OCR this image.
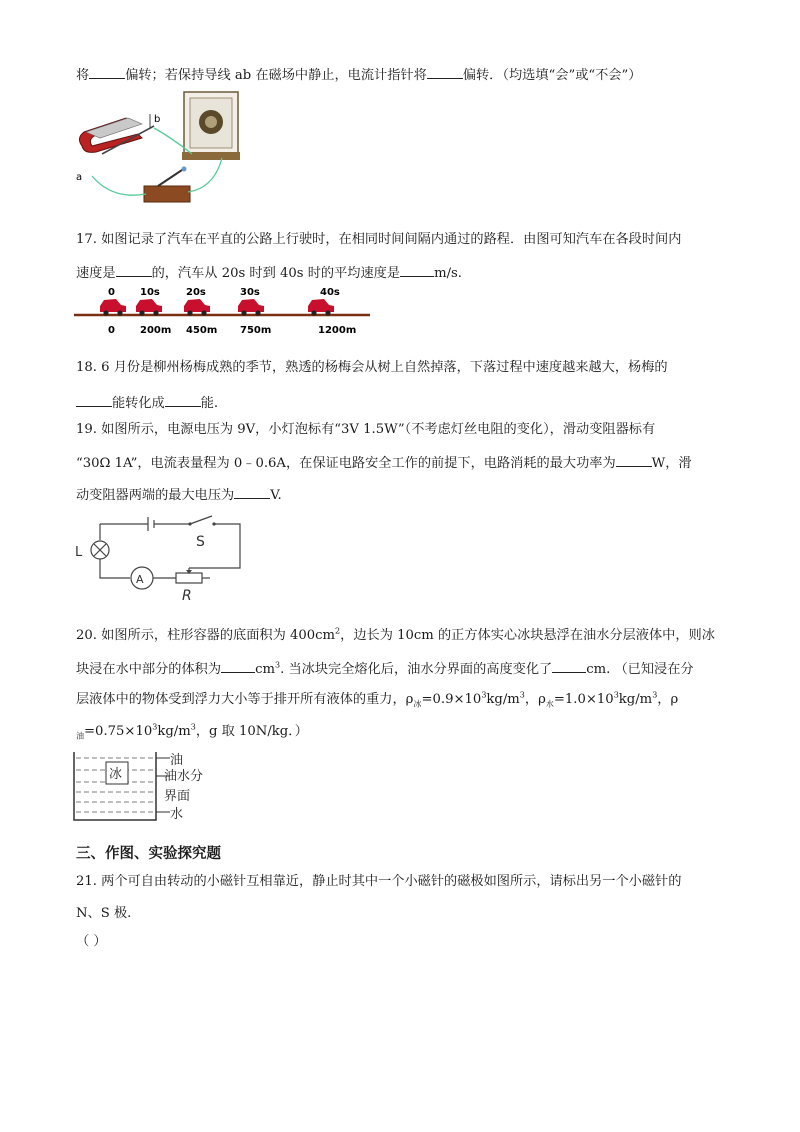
将	偏转；若保持导线 ab 在磁场中静止，电流计指针将	偏转．（均选填“会”或“不会”）
b
a
17. 如图记录了汽车在平直的公路上行驶时，在相同时间间隔内通过的路程．由图可知汽车在各段时间内
速度是	的，汽车从 20s 时到 40s 时的平均速度是	m/s.
0	10s	20s	30s	40s
0	200m 450m 750m	1200m
18. 6 月份是柳州杨梅成熟的季节，熟透的杨梅会从树上自然掉落，下落过程中速度越来越大，杨梅的
能转化成	能.
19. 如图所示，电源电压为 9V，小灯泡标有“3V 1.5W”（不考虑灯丝电阻的变化），滑动变阻器标有
“30Ω 1A”，电流表量程为 0﹣0.6A，在保证电路安全工作的前提下，电路消耗的最大功率为	W，滑
动变阻器两端的最大电压为	V.
L
S
A
R
20. 如图所示，柱形容器的底面积为 $400cm^2$，边长为 10cm 的正方体实心冰块悬浮在油水分层液体中，则冰
块浸在水中部分的体积为	$cm^3$. 当冰块完全熔化后，油水分界面的高度变化了	cm. （已知浸在分
层液体中的物体受到浮力大小等于排开所有液体的重力，$\rho_冰=0.9\times 10^3kg/m^3$，$\rho_水=1.0\times 10^3kg/m^3$，ρ
$_油=0.75\times 10^3kg/m^3$，g 取 10N/kg．）
冰
油
油水分
界面
水
三、作图、实验探究题
21. 两个可自由转动的小磁针互相靠近，静止时其中一个小磁针的磁极如图所示，请标出另一个小磁针的
N、S 极.
（ ）
